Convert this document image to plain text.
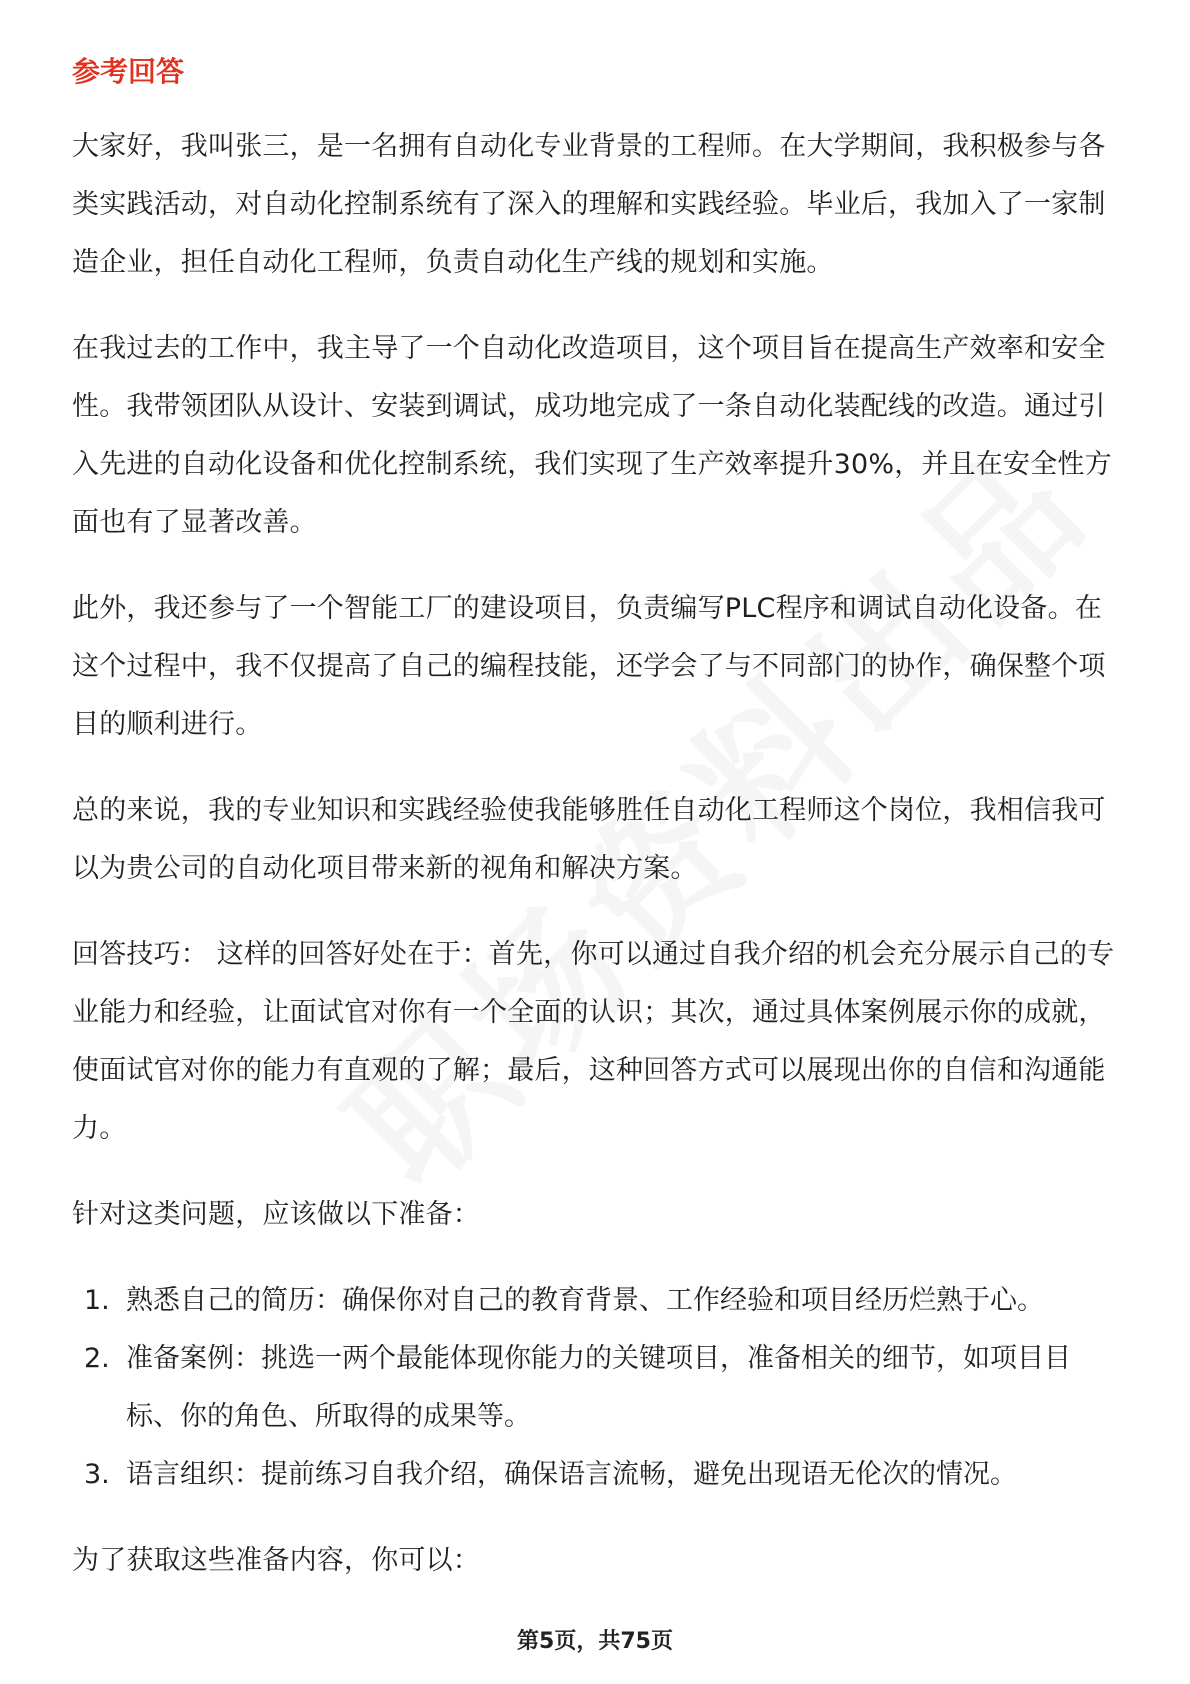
参考回答

大家好，我叫张三，是一名拥有自动化专业背景的工程师。在大学期间，我积极参与各类实践活动，对自动化控制系统有了深入的理解和实践经验。毕业后，我加入了一家制造企业，担任自动化工程师，负责自动化生产线的规划和实施。

在我过去的工作中，我主导了一个自动化改造项目，这个项目旨在提高生产效率和安全性。我带领团队从设计、安装到调试，成功地完成了一条自动化装配线的改造。通过引入先进的自动化设备和优化控制系统，我们实现了生产效率提升30%，并且在安全性方面也有了显著改善。

此外，我还参与了一个智能工厂的建设项目，负责编写PLC程序和调试自动化设备。在这个过程中，我不仅提高了自己的编程技能，还学会了与不同部门的协作，确保整个项目的顺利进行。

总的来说，我的专业知识和实践经验使我能够胜任自动化工程师这个岗位，我相信我可以为贵公司的自动化项目带来新的视角和解决方案。

回答技巧： 这样的回答好处在于：首先，你可以通过自我介绍的机会充分展示自己的专业能力和经验，让面试官对你有一个全面的认识；其次，通过具体案例展示你的成就，使面试官对你的能力有直观的了解；最后，这种回答方式可以展现出你的自信和沟通能力。

针对这类问题，应该做以下准备：

1. 熟悉自己的简历：确保你对自己的教育背景、工作经验和项目经历烂熟于心。
2. 准备案例：挑选一两个最能体现你能力的关键项目，准备相关的细节，如项目目标、你的角色、所取得的成果等。
3. 语言组织：提前练习自我介绍，确保语言流畅，避免出现语无伦次的情况。

为了获取这些准备内容，你可以：

第5页，共75页
